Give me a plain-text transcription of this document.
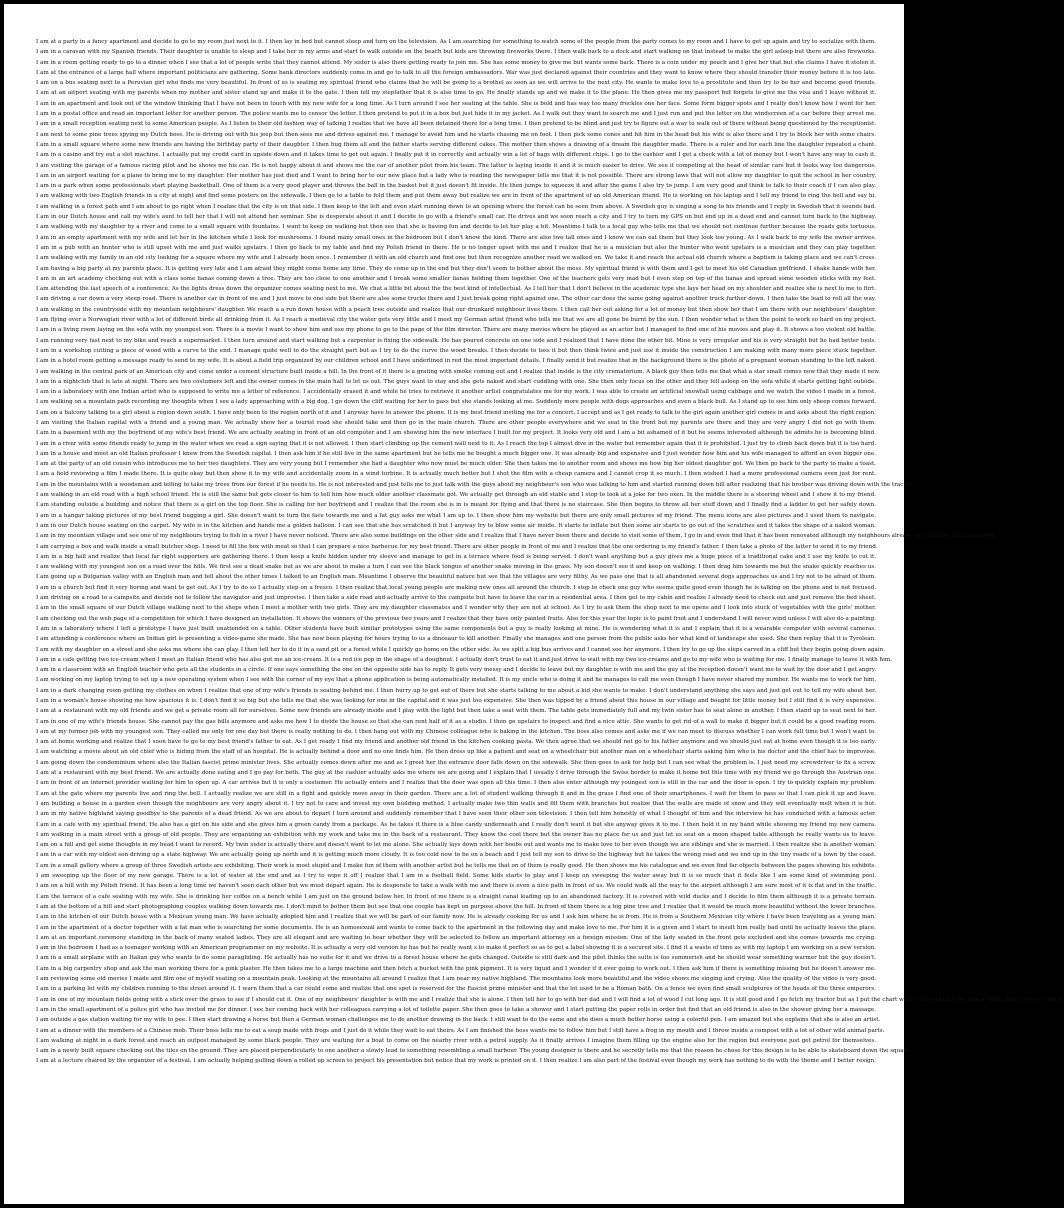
I am at a party in a fancy apartment and decide to go to my room just next to it. I then lay in bed but cannot sleep and turn on the television. As I am searching for something to watch some of the people from the party comes to my room and I have to get up again and try to socialize with them.
I am in a caravan with my Spanish friends. Their daughter is unable to sleep and I take her in my arms and start to walk outside on the beach but kids are throwing fireworks there. I then walk back to a dock and start walking on that instead to make the girl asleep but there are also fireworks.
I am in a room getting ready to go to a dinner when I see that a lot of people write that they cannot attend. My sister is also there getting ready to join me. She has some money to give me but wants some back. There is a coin under my pouch and I give her that but she claims I have it stolen it.
I am at the entrance of a large hall where important politicians are gathering. Some bank directors suddenly come in and go to talk to all the foreign ambassadors. War was just declared against their countries and they want to know where they should transfer their money before it is too late.
I am on a bus seating next to a Peruvian girl who finds me very beautiful. In front of us is seating my spiritual friend who claims that he will be going to a brothel as soon as we will arrive to the next city. He wants to make love to a prostitute and then try to be her and become good friends.
I am at an airport seating with my parents when my mother and sister stand up and make it to the gate. I then tell my stepfather that it is also time to go. He finally stands up and we make it to the plane. He then gives me my passport but forgets to give me the visa and I leave without it.
I am in an apartment and look out of the window thinking that I have not been in touch with my new wife for a long time. As I turn around I see her seating at the table. She is bold and has way too many freckles one her face. Some form bigger spots and I really don't know how I went for her.
I am in a postal office and read an important letter for another person. The police wants me to censor the letter. I then pretend to put it in a box but just hide it in my jacket. As I walk out they want to search me and I just run and put the letter on the windscreen of a car before they arrest me.
I am in a small reception seating next to some American people. As I listen to their old fashion way of talking I realize that we have all been detained there for a long time. I then pretend to be blind and just try to figure out a way to walk out of there without being questioned by the receptionist.
I am next to some pine trees spying my Dutch boss. He is driving out with his jeep but then sees me and drives against me. I manage to avoid him and he starts chasing me on foot. I then pick some cones and hit him in the head but his wife is also there and I try to block her with some chairs.
I am in a small square where some new friends are having the birthday party of their daughter. I then hug them all and the father starts serving different cakes. The mother then shows a drawing of a dream the daughter made. There is a ruler and for each line the daughter repeated a chant.
I am in a casino and try out a slot machine. I actually put my credit card in upside down and it takes time to get out again. I finally put it in correctly and actually win a lot of bags with different chips. I go to the cashier and I get a check with a lot of money but I won't have any way to cash it.
I am visiting the garage of a famous racing pilot and he shows me his car. He is not happy about it and shows me the car of another pilot from his team. The latter is laying inside it and it is much easier to drive. We see it competing at the head of similar cars but it looks way too dangerous.
I am in an airport waiting for a plane to bring me to my daughter. Her mother has just died and I want to bring her to our new place but a lady who is reading the newspaper tells me that it is not possible. There are strong laws that will not allow my daughter to quit the school in her country.
I am in a park when some professionals start playing basketball. One of them is a very good player and throws the ball in the basket but it just doesn't fit inside. He then jumps to squeeze it and after the game I also try to jump. I am very good and think to talk to their coach if I can also play.
I am walking with two English friends in a city at night and find some posters on the sidewalk. I then go to a table to fold them and put them away but realize we are in front of the apartment of an old American friend. He is working on his laptop and I tell my friend to ring the bell and say hi.
I am walking in a forest path and I am about to go right when I realize that the city is on that side. I then keep to the left and even start running down to an opening where the forest can be seen from above. A Swedish guy is singing a song to his friends and I reply in Swedish that it sounds bad.
I am in our Dutch house and call my wife's aunt to tell her that I will not attend her seminar. She is desperate about it and I decide to go with a friend's small car. He drives and we soon reach a city and I try to turn my GPS on but end up in a dead end and cannot turn back to the highway.
I am walking with my daughter by a river and come to a small square with fountains. I want to keep on walking but then see that she is having fun and decide to let her play a bit. Meantime I talk to a local guy who tells me that we should not continue further because the roads gets tortuous.
I am in an empty apartment with my wife and let her in the kitchen while I look for mushrooms. I found many small ones in the bedroom but I don't know the kind. There are also two tall ones and I know we can eat them but they look too young. As I walk back to my wife the owner arrives.
I am in a pub with an hunter who is still upset with me and just walks upstairs. I then go back to my table and find my Polish friend in there. He is no longer upset with me and I realize that he is a musician but also the hunter who went upstairs is a musician and they can play together.
I am walking with my family in an old city looking for a square where my wife and I already been once. I remember it with an old church and find one but then recognize another road we walked on. We take it and reach the actual old church where a baptism is taking place and we can't cross.
I am having a big party at my parents place. It is getting very late and I am afraid they might come home any time. They do come up in the end but they don't seem to bother about the mess. My spiritual friend is with them and I get to meet his old Canadian girlfriend. I shake hands with her.
I am in an art academy checking out with a class some lianas coming down a tree. They are too close to one another and I break some smaller lianas holding them together. One of the teachers gets very mad but I even step on top of the lianas and spread some wooden sticks with my feet.
I am attending the last speech of a conference. As the lights dress down the organizer comes seating next to me. We chat a little bit about the the best kind of intellectual. As I tell her that I don't believe in the academic type she lays her head on my shoulder and realize she is next to me to flirt.
I am driving a car down a very steep road. There is another car in front of me and I just move to one side but there are also some trucks there and I just break going right against one. The other car does the same going against another truck further down. I then take the lead to roll all the way.
I am walking in the countryside with my mountain neighbours' daughter. We reach a a run down house with a peach tree outside and realize that our drunkard neighbour lives there. I then call her out asking for a lot of money but then show her that I am there with our neighbours' daughter.
I am flying over a Norwegian river with a lot of different birds all drinking from it. As I reach a medieval city the water gets very little and I meet my German artist friend who tells me that we are all gone be burnt by the sun. I then wonder what is then the point to work so hard on my project.
I am in a living room laying on the sofa with my youngest son. There is a movie I want to show him and use my phone to go to the page of the film director. There are many movies where he played as an actor but I managed to find one of his movies and play it. It shows a too violent old battle.
I am running very fast next to my bike and reach a supermarket. I then turn around and start walking but a carpenter is fixing the sidewalk. He has poured concrete on one side and I realized that I have done the other bit. Mine is very irregular and his is very straight but he had better tools.
I am in a workshop cutting a piece of wood with a curve to the end. I manage quite well to do the straight part but as I try to do the curve the wood breaks. I then decide to toss it but then think twice and just use it inside the construction I am making with many more piece stuck together.
I am in a hotel room getting a message ready to send to my wife. It is about a field trip organized by our children school and I have underlined in red the most important details. I finally send it but realize that in the background there is the photo of a pregnant woman standing to the left naked.
I am walking in the central park of an American city and come under a cement structure built inside a hill. In the front of it there is a grating with smoke coming out and I realize that inside is the city crematorium. A black guy then tells me that what a star small comes now that they made it new.
I am in a nightclub that is late at night. There are two costumers left and the owner comes in the main hall to let us out. The guys want to stay and she gets naked and start cuddling with one. She then only focus on the other and they fell asleep on the sofa while it starts getting light outside.
I am in a laboratory with one Indian artist who is supposed to write me a letter of reference. I accidentally erased it and while he tries to retrieve it another artist congratulates me for my work. I was able to create an artificial snowfall using cabbage and we watch the video I made in a forest.
I am walking on a mountain path recording my thoughts when I see a lady approaching with a big dog. I go down the cliff waiting for her to pass but she stands looking at me. Suddenly more people with dogs approaches and even a black bull. As I stand up to see him only sheep comes forward.
I am on a balcony talking to a girl about a region down south. I have only been to the region north of it and I anyway have to answer the phone. It is my best friend inviting me for a concert. I accept and as I get ready to talk to the girl again another girl comes in and asks about the right region.
I am visiting the Italian capital with a friend and a young man. We actually show her a tourist road she should take and then go in the main church. There are other people everywhere and we seat in the front but my parents are there and they are very angry I did not go with them.
I am in a basement with my the boyfriend of my wife's best friend. We are actually seating in front of an old computer and I am showing him the new interface I built for my project. It looks very old and I am a bit ashamed of it but he seems interested although he admits he is becoming blind.
I am in a river with some friends ready to jump in the water when we read a sign saying that it is not allowed. I then start climbing up the cement wall next to it. As I reach the top I almost dive in the water but remember again that it is prohibited. I just try to climb back down but it is too hard.
I am in a house and meet an old Italian professor I knew from the Swedish capital. I then ask him if he still live in the same apartment but he tells me he bought a much bigger one. It was already big and expensive and I just wonder how him and his wife managed to afford an even bigger one.
I am at the party of an old cousin who introduces me to her two daughters. They are very young but I remember she had a daughter who now must be much older. She then takes me to another room and shows me how big her oldest daughter got. We then go back to the party to make a toast.
I am a field reviewing a film I made there. It is quite okay but then show it to my wife and accidentally zoom in a wind turbine. It is actually much better but I shot the film with a cheap camera and I cannot crop it so much. I then wished I had a more professional camera even just for rent.
I am in the mountains with a woodsman and telling to take my trees from our forest if he needs to. He is not interested and just tells me to just talk with the guys about my neighbour's son who was talking to him and started running down hill after realizing that his brother was driving down with the tractor.
I am walking in an old road with a high school friend. He is still the same but gets closer to him to tell him how much older another classmate got. We actually get through an old stable and I stop to look at a joke for two oxen. In the middle there is a steering wheel and I show it to my friend.
I am standing outside a building and notice that there is a girl on the top floor. She is calling for her boyfriend and I realize that the room she is in is meant for flying and that there is no staircase. She then begins to throw all her stuff down and I finally find a ladder to get her safely down.
I am in a hangar taking pictures of my best friend hugging a girl. She doesn't want to turn the face towards me and a fat guy asks me what I am up to. I then show him my website but there are only small pictures of my friend. The menu icons are also pictures and I used them to navigate.
I am in our Dutch house seating on the carpet. My wife is in the kitchen and hands me a golden balloon. I can see that she has scratched it but I anyway try to blow some air inside. It starts to inflate but then some air starts to go out of the scratches and it takes the shape of a naked woman.
I am in my mountain village and see one of my neighbours trying to fish in a river I have never noticed. There are also some buildings on the other side and I realize that I have never been there and decide to visit some of them. I go in and even find that it has been renovated although my neighbours already packed their vehicles inside.
I am carrying a box and walk inside a small butcher shop. I need to fill the box with meat so that I can prepare a nice barbecue for my best friend. There are other people in front of me and I realize that the one ordering is my friend's father. I then take a photo of the latter to send it to my friend.
I am in a big hall and realize that local far right supporters are gathering there. I then keep a knife hidden under my sleeve and manage to get in a terrace where food is being served. I don't want anything but a guy gives me a huge piece of a traditional cake and I use my knife to cut it.
I am walking with my youngest son on a road over the hills. We first see a dead snake but as we are about to make a turn I can see the black tongue of another snake moving in the grass. My son doesn't see it and keep on walking. I then drag him towards me but the snake quickly reaches us.
I am going up a Bulgarian valley with an English man and tell about the other times I talked to an English man. Meantime I observe the beautiful nature but see that the villages are very filthy. As we pass one that is all abandoned several dogs approaches us and I try not to be afraid of them.
I am in a church but find it very boring and want to get out. As I try to do so I actually step on a fresco. I then realize that local young people are making new ones all around the church. I stop to check one guy who seems quite good even though he is talking on the phone and is not focused.
I am driving on a road to a campsite and decide not to follow the navigator and just improvise. I then take a side road and actually arrive to the campsite but have to leave the car in a residential area. I then get to my cabin and realize I already need to check out and just remove the bed sheet.
I am in the small square of our Dutch village walking next to the shops when I meet a mother with two girls. They are my daughter classmates and I wonder why they are not at school. As I try to ask them the shop next to me opens and I look into stuck of vegetables with the girls' mother.
I am checking out the web page of a competition for which I have designed an installation. It shows the winners of the previous two years and I realize that they have only painted fruits. Also for this year the topic is to paint fruit and I understand I will never wind unless I will also do a painting.
I am in a laboratory where I left a prototype I have just built unattended on a table. Other students have built similar prototypes using the same components but a guy is really looking at mine. He is wondering what it is and I explain that it is a wearable computer with several cameras.
I am attending a conference where an Indian girl is presenting a video-game she made. She has now been playing for hours trying to us a dinosaur to kill another. Finally she manages and one person from the public asks her what kind of landscape she used. She then replay that it is Tyrolean.
I am with my daughter on a street and she asks me where she can play. I then tell her to do it in a sand pit or a forest while I quickly go home on the other side. As we split a big bus arrives and I cannot see her anymore. I then try to go up the steps carved in a cliff but they begin going down again.
I am in a cafe getting two ice-cream when I meet an Italian friend who has also got me an ice-cream. It is a red ice pop in the shape of a doughnut. I actually don't trust to eat it and just drive to wait with my two ice-creams and go to my wife who is waiting for me. I finally manage to leave it with him.
I am in a classroom with an English teacher who gets all the students in a circle. If one says something the one on the opposite side has to reply. It gets very messy and I decide to leave but my daughter is with me and the guy at the reception doesn't want me to wait by the door and I get angry.
I am working on my laptop trying to set up a new operating system when I see with the corner of my eye that a phone application is being automatically installed. It is my uncle who is doing it and he manages to call me even though I have never shared my number. He wants me to work for him.
I am in a dark changing room getting my clothes on when I realize that one of my wife's friends is seating behind me. I then hurry up to get out of there but she starts talking to me about a kid she wants to make. I don't understand anything she says and just get out to tell my wife about her.
I am in a woman's house showing me how spacious it is. I don't find it so big but she tells me that she was looking for one in the capital and it was just too expensive. She then was tipped by a friend about this house in our village and bought for little money but I still find it is very expensive.
I am at a restaurant with my old friends and we get a private room all for ourselves. Some new friends are already inside and I play with the light but then take a seat with them. The table gets immediately full and my twin sister has to seat alone in another. I then stand up to seat next to her.
I am in one of my wife's friends house. She cannot pay the gas bills anymore and asks me how I to divide the house so that she can rent half of it as a studio. I then go upstairs to inspect and find a nice attic. She wants to get rid of a wall to make it bigger but it could be a good reading room.
I am at my former job with my youngest son. They called me only for one day but there is really nothing to do. I then hang out with my Chinese colleague who is baking in the kitchen. The boss also comes and asks me if we can meet to discuss whether I can work full time but I won't want to.
I am at home working and realize that I soon have to go to my best friend's father to eat. As I get ready I find my friend and another old friend in the kitchen cooking pasta. We then agree that we should not go to his father anymore and we should just eat at home even though it is too early.
I am watching a movie about an old chief who is hiding from the staff of an hospital. He is actually behind a door and no one finds him. He then dress up like a patient and seat on a wheelchair but another man on a wheelchair starts asking him who is his doctor and the chief has to improvise.
I am going down the condominium where also the Italian fascist prime minister lives. She actually comes down after me and as I greet her the entrance door falls down on the sidewalk. She then goes to ask for help but I can see what the problem is. I just need my screwdriver to fix a screw.
I am at a restaurant with my best friend. We are actually done eating and I go pay for both. The guy at the cashier actually asks me where we are going and I explain that I usually I drive through the Swiss border to make it home but this time with my friend we go through the Austrian one.
I am in front of an internet provider waiting for him to open up. A car arrives but it is only a costumer. He actually enters and I realize that the door was open all this time. I then also enter although my youngest son is still in the car and the door is open. I try to quickly explain my problem.
I am at the gate where my parents live and ring the bell. I actually realize we are still in a fight and quickly move away in their garden. There are a lot of student walking through it and in the grass I find one of their smartphones. I wait for them to pass so that I can pick it up and leave.
I am building a house in a garden even though the neighbours are very angry about it. I try not to care and invest my own building method. I actually make two thin walls and fill them with branches but realize that the walls are made of snow and they will eventually melt when it is hot.
I am in my native highland saying goodbye to the parents of a dead friend. As we are about to depart I turn around and suddenly remember that I have seen their other son television. I then tell him honestly of what I thought of him and the interview he has conducted with a famous actor.
I am in a cafe with my spiritual friend. He also has a girl on his side and she gives him a green candy from a package. As he takes it there is a blue candy underneath and I really don't want it but she anyway gives it to me. I then hold it in my hand while showing my friend my new camera.
I am walking in a main street with a group of old people. They are organizing an exhibition with my work and take me in the back of a restaurant. They know the cool there but the owner has no place for us and just let us seat on a moon shaped table although he really wants us to leave.
I am on a hill and get some thoughts in my head I want to record. My twin sister is actually there and doesn't want to let me alone. She actually lays down with her boobs out and wants me to make love to her even though we are siblings and she is married. I then realize she is another woman.
I am in a car with my oldest son driving up a state highway. We are actually going up north and it is getting much more cloudy. It is too cold now to be on a beach and I just tell my son to drive to the highway but he takes the wrong road and we end up in the tiny roads of a town by the coast.
I am in a small gallery where a group of three Swedish artists are exhibiting. Their work is most stupid and I make fun of them with another artist but he tells me that on of them is really good. He then shows me his catalogue and we even find far objects between the pages showing his exhibits.
I am sweeping up the floor of my new garage. There is a lot of water at the end and as I try to wipe it off I realize that I am in a football field. Some kids starts to play and I keep on sweeping the water away but it is so much that it feels like I am some kind of swimming pool.
I am on a hill with my Polish friend. It has been a long time we haven't seen each other but we must depart again. He is desperate to take a walk with me and there is even a nice path in front of us. We could walk all the way to the airport although I am sure most of it is flat and in the traffic.
I am the terrace of a cafe seating with my wife. She is drinking her coffee on a bench while I am just on the ground below her. In front of me there is a straight canal leading up to an abandoned factory. It is covered with wild ducks and I decide to film them although it is a private terrain.
I am at the bottom of a hill and start photographing couples walking down towards me. I don't mind to bother them but see that one couple has kept on purpose above the hill. In front of them there is a big pine tree and I realize that it would be much more beautiful without the lower branches.
I am in the kitchen of our Dutch house with a Mexican young man. We have actually adopted him and I realize that we will be part of our family now. He is already cooking for us and I ask him where he is from. He is from a Southern Mexican city where I have been traveling as a young man.
I am in the apartment of a doctor together with a fat man who is searching for some documents. He is an homosexual and wants to come back to the apartment in the following day and make love to me. For him it is a given and I start to insult him really bad until he actually leaves the place.
I am at an important ceremony standing in the back of many seated ladies. They are all elegant and are waiting to hear whether they will be selected to follow an important attorney on a foreign mission. One of the lady seated in the front gets excluded and she comes towards me crying.
I am in the bedroom I had as a teenager working with an American programmer on my website. It is actually a very old version he has but he really want s to make it perfect so as to get a label showing it is a secured site. I find it a waste of time as with my laptop I am working on a new version.
I am in a small airplane with an Italian guy who wants to do some paragliding. He actually has no suite for it and we drive to a forest house where he gets changed. Outside is still dark and the pilot thinks the suite is too summerish and he should wear something warmer but the guy doesn't.
I am in a big carpentry shop and ask the man working there for a pink plaster. He then takes me to a large machine and then fetch a bucket with the pink pigment. It is very liquid and I wonder if it ever going to work out. I then ask him if there is something missing but he doesn't answer me.
I am reviewing some old movies I made and film one of myself seating on a mountain peak. Looking at the mountains all around I realize that I am near my native highland. The mountains look more beautiful and the video shows me singing and crying. Also the quality of the video is very good.
I am in a parking lot with my children running to the street around it. I warn them that a car could come and realize that one spot is reserved for the Fascist prime minister and that the lot used to be a Roman bath. On a fence we even find small sculptures of the heads of the three emperors.
I am in one of my mountain fields going with a stick over the grass to see if I should cut it. One of my neighbours' daughter is with me and I realize that she is alone. I then tell her to go with her dad and I will find a lot of wood I cut long ago. It is still good and I go fetch my tractor but as I put the chart with a chain behind her father starts driving away with it.
I am in the small apartment of a police girl who has invited me for dinner. I see her coming back with her colleagues carrying a lot of toilette paper. She then goes to take a shower and I start putting the paper rolls in order but find that an old friend is also in the shower giving her a massage.
I am outside a gas station waiting for my wife to pee. I then start drawing a horse but then a German woman challenges me to do another drawing in the back. I still want to do the same and she does a much better horse using a colorful pen. I am amazed but she explains that she is also an artist.
I am at a dinner with the members of a Chinese mob. Their boss tells me to eat a soup made with frogs and I just do it while they wait to eat theirs. As I am finished the boss wants me to follow him but I still have a frog in my mouth and I throw inside a compost with a lot of other wild animal parts.
I am walking at night in a dark forest and reach an outpost managed by some black people. They are waiting for a boat to come on the nearby river with a petrol supply. As it finally arrives I imagine them filling up the engine also for the region but everyone just get petrol for themselves.
I am in a newly built square checking out the tiles on the ground. They are placed perpendicularly to one another a slowly lead to something resembling a small harbour. The young designer is there and he secretly tells me that the reason he chose for this design is to be able to skateboard down the square.
I am at a lecture chaired by the organizer of a festival. I am actually helping pulling down a rolled up screen to project his presentation but notice that my work is printed on it. I then realize I am also part of the festival even though my work has nothing to do with the theme and I better resign.
